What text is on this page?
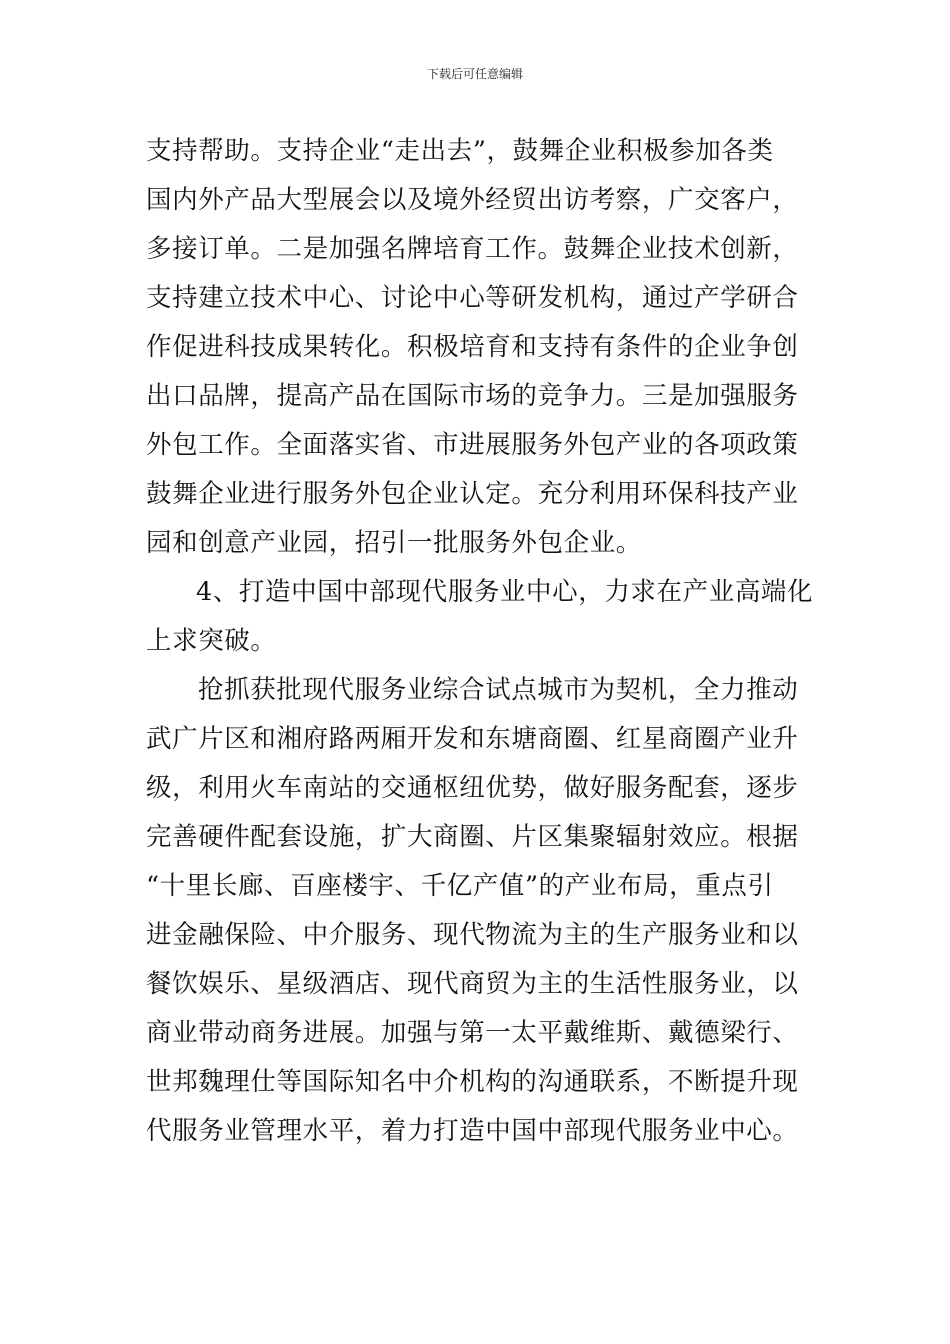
下载后可任意编辑
支持帮助。支持企业“走出去”，鼓舞企业积极参加各类
国内外产品大型展会以及境外经贸出访考察，广交客户，
多接订单。二是加强名牌培育工作。鼓舞企业技术创新，
支持建立技术中心、讨论中心等研发机构，通过产学研合
作促进科技成果转化。积极培育和支持有条件的企业争创
出口品牌，提高产品在国际市场的竞争力。三是加强服务
外包工作。全面落实省、市进展服务外包产业的各项政策
鼓舞企业进行服务外包企业认定。充分利用环保科技产业
园和创意产业园，招引一批服务外包企业。
4、打造中国中部现代服务业中心，力求在产业高端化
上求突破。
抢抓获批现代服务业综合试点城市为契机，全力推动
武广片区和湘府路两厢开发和东塘商圈、红星商圈产业升
级，利用火车南站的交通枢纽优势，做好服务配套，逐步
完善硬件配套设施，扩大商圈、片区集聚辐射效应。根据
“十里长廊、百座楼宇、千亿产值”的产业布局，重点引
进金融保险、中介服务、现代物流为主的生产服务业和以
餐饮娱乐、星级酒店、现代商贸为主的生活性服务业，以
商业带动商务进展。加强与第一太平戴维斯、戴德梁行、
世邦魏理仕等国际知名中介机构的沟通联系，不断提升现
代服务业管理水平，着力打造中国中部现代服务业中心。
